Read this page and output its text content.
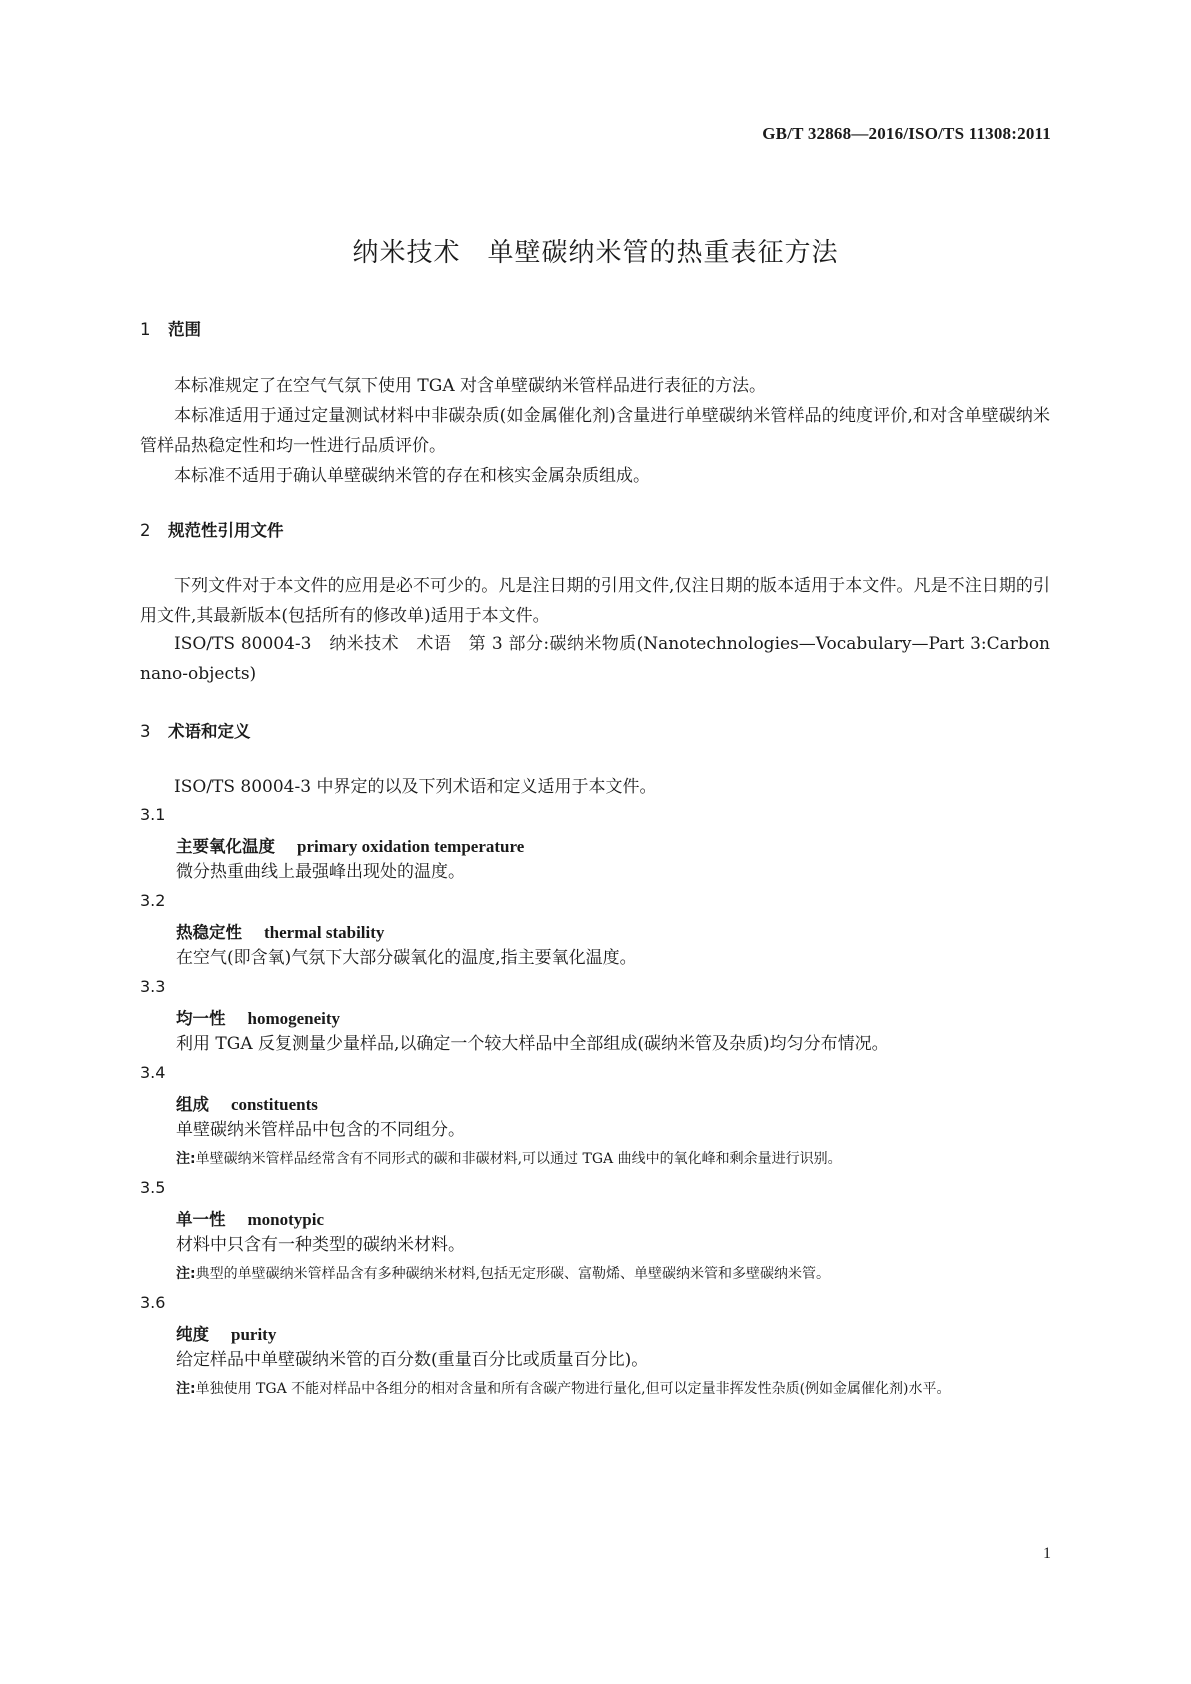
GB/T 32868—2016/ISO/TS 11308:2011
纳米技术　单壁碳纳米管的热重表征方法
1 范围
本标准规定了在空气气氛下使用 TGA 对含单壁碳纳米管样品进行表征的方法。
本标准适用于通过定量测试材料中非碳杂质(如金属催化剂)含量进行单壁碳纳米管样品的纯度评价,和对含单壁碳纳米管样品热稳定性和均一性进行品质评价。
本标准不适用于确认单壁碳纳米管的存在和核实金属杂质组成。
2 规范性引用文件
下列文件对于本文件的应用是必不可少的。凡是注日期的引用文件,仅注日期的版本适用于本文件。凡是不注日期的引用文件,其最新版本(包括所有的修改单)适用于本文件。
ISO/TS 80004-3　纳米技术　术语　第 3 部分:碳纳米物质(Nanotechnologies—Vocabulary—Part 3:Carbon nano-objects)
3 术语和定义
ISO/TS 80004-3 中界定的以及下列术语和定义适用于本文件。
3.1
主要氧化温度 primary oxidation temperature
微分热重曲线上最强峰出现处的温度。
3.2
热稳定性 thermal stability
在空气(即含氧)气氛下大部分碳氧化的温度,指主要氧化温度。
3.3
均一性 homogeneity
利用 TGA 反复测量少量样品,以确定一个较大样品中全部组成(碳纳米管及杂质)均匀分布情况。
3.4
组成 constituents
单壁碳纳米管样品中包含的不同组分。
注:单壁碳纳米管样品经常含有不同形式的碳和非碳材料,可以通过 TGA 曲线中的氧化峰和剩余量进行识别。
3.5
单一性 monotypic
材料中只含有一种类型的碳纳米材料。
注:典型的单壁碳纳米管样品含有多种碳纳米材料,包括无定形碳、富勒烯、单壁碳纳米管和多壁碳纳米管。
3.6
纯度 purity
给定样品中单壁碳纳米管的百分数(重量百分比或质量百分比)。
注:单独使用 TGA 不能对样品中各组分的相对含量和所有含碳产物进行量化,但可以定量非挥发性杂质(例如金属催化剂)水平。
1
